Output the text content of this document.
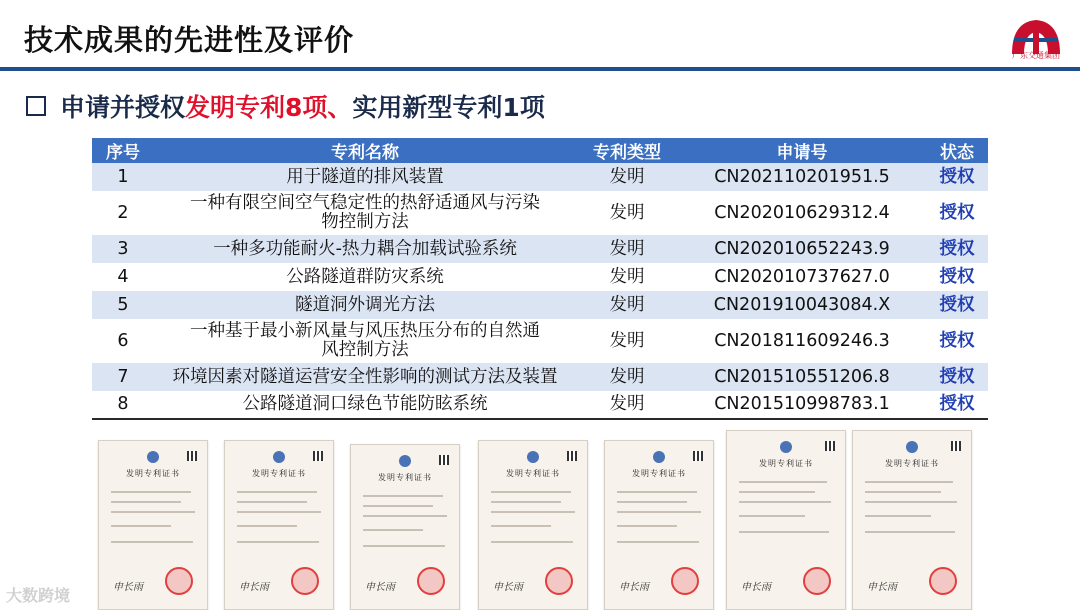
技术成果的先进性及评价	广东交通集团
申请并授权 发明专利8项、 实用新型专利1项
序号	专利名称	专利类型	申请号	状态
1	用于隧道的排风装置	发明	CN202110201951.5	授权
2	一种有限空间空气稳定性的热舒适通风与污染物控制方法	发明	CN202010629312.4	授权
3	一种多功能耐火-热力耦合加载试验系统	发明	CN202010652243.9	授权
4	公路隧道群防灾系统	发明	CN202010737627.0	授权
5	隧道洞外调光方法	发明	CN201910043084.X	授权
6	一种基于最小新风量与风压热压分布的自然通风控制方法	发明	CN201811609246.3	授权
7	环境因素对隧道运营安全性影响的测试方法及装置	发明	CN201510551206.8	授权
8	公路隧道洞口绿色节能防眩系统	发明	CN201510998783.1	授权
发明专利证书
申长雨
发明专利证书
申长雨
发明专利证书
申长雨
发明专利证书
申长雨
发明专利证书
申长雨
发明专利证书
申长雨
发明专利证书
申长雨
大数跨境
